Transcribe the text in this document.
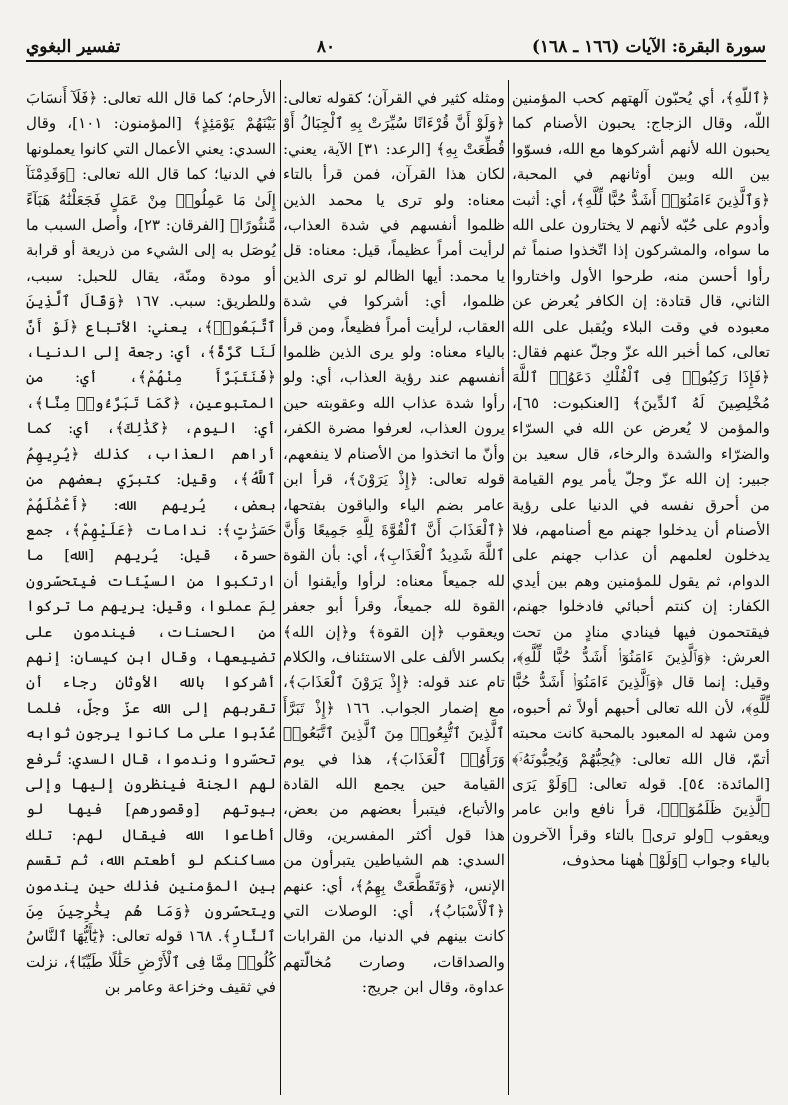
سورة البقرة: الآيات (١٦٦ ـ ١٦٨)
٨٠
تفسير البغوي

﴿ٱللَّهِ﴾، أي يُحبّون آلهتهم كحب المؤمنين اللّه، وقال الزجاج: يحبون الأصنام كما يحبون الله لأنهم أشركوها مع الله، فسوّوا بين الله وبين أوثانهم في المحبة، ﴿وَٱلَّذِينَ ءَامَنُوٓا۟ أَشَدُّ حُبًّا لِّلَّهِ﴾، أي: أثبت وأدوم على حُبّه لأنهم لا يختارون على الله ما سواه، والمشركون إذا اتّخذوا صنماً ثم رأوا أحسن منه، طرحوا الأول واختاروا الثاني، قال قتادة: إن الكافر يُعرض عن معبوده في وقت البلاء ويُقبل على الله تعالى، كما أخبر الله عزّ وجلّ عنهم فقال: ﴿فَإِذَا رَكِبُوا۟ فِى ٱلْفُلْكِ دَعَوُا۟ ٱللَّهَ مُخْلِصِينَ لَهُ ٱلدِّينَ﴾ [العنكبوت: ٦٥]، والمؤمن لا يُعرض عن الله في السرّاء والضرّاء والشدة والرخاء، قال سعيد بن جبير: إن الله عزّ وجلّ يأمر يوم القيامة من أحرق نفسه في الدنيا على رؤية الأصنام أن يدخلوا جهنم مع أصنامهم، فلا يدخلون لعلمهم أن عذاب جهنم على الدوام، ثم يقول للمؤمنين وهم بين أيدي الكفار: إن كنتم أحبائي فادخلوا جهنم، فيقتحمون فيها فينادي منادٍ من تحت العرش: ﴿وَٱلَّذِينَ ءَامَنُوٓا۟ أَشَدُّ حُبًّا لِّلَّهِ﴾، وقيل: إنما قال ﴿وَٱلَّذِينَ ءَامَنُوٓا۟ أَشَدُّ حُبًّا لِّلَّهِ﴾، لأن الله تعالى أحبهم أولاً ثم أحبوه، ومن شهد له المعبود بالمحبة كانت محبته أتمّ، قال الله تعالى: ﴿يُحِبُّهُمْ وَيُحِبُّونَهُۥٓ﴾ [المائدة: ٥٤]. قوله تعالى: ﴿وَلَوْ يَرَى ٱلَّذِينَ ظَلَمُوٓا۟﴾، قرأ نافع وابن عامر ويعقوب ﴿ولو ترى﴾ بالتاء وقرأ الآخرون بالياء وجواب ﴿وَلَوْ﴾ هٰهنا محذوف،

ومثله كثير في القرآن؛ كقوله تعالى: ﴿وَلَوْ أَنَّ قُرْءَانًا سُيِّرَتْ بِهِ ٱلْجِبَالُ أَوْ قُطِّعَتْ بِهِ﴾ [الرعد: ٣١] الآية، يعني: لكان هذا القرآن، فمن قرأ بالتاء معناه: ولو ترى يا محمد الذين ظلموا أنفسهم في شدة العذاب، لرأيت أمراً عظيماً، قيل: معناه: قل يا محمد: أيها الظالم لو ترى الذين ظلموا، أي: أشركوا في شدة العقاب، لرأيت أمراً فظيعاً، ومن قرأ بالياء معناه: ولو يرى الذين ظلموا أنفسهم عند رؤية العذاب، أي: ولو رأوا شدة عذاب الله وعقوبته حين يرون العذاب، لعرفوا مضرة الكفر، وأنّ ما اتخذوا من الأصنام لا ينفعهم، قوله تعالى: ﴿إِذْ يَرَوْنَ﴾، قرأ ابن عامر بضم الياء والباقون بفتحها، ﴿ٱلْعَذَابَ أَنَّ ٱلْقُوَّةَ لِلَّهِ جَمِيعًا وَأَنَّ ٱللَّهَ شَدِيدُ ٱلْعَذَابِ﴾، أي: بأن القوة لله جميعاً معناه: لرأوا وأيقنوا أن القوة لله جميعاً، وقرأ أبو جعفر ويعقوب ﴿إن القوة﴾ و﴿إن الله﴾ بكسر الألف على الاستئناف، والكلام تام عند قوله: ﴿إِذْ يَرَوْنَ ٱلْعَذَابَ﴾، مع إضمار الجواب. ١٦٦ ﴿إِذْ تَبَرَّأَ ٱلَّذِينَ ٱتُّبِعُوا۟ مِنَ ٱلَّذِينَ ٱتَّبَعُوا۟ وَرَأَوُا۟ ٱلْعَذَابَ﴾، هذا في يوم القيامة حين يجمع الله القادة والأتباع، فيتبرأ بعضهم من بعض، هذا قول أكثر المفسرين، وقال السدي: هم الشياطين يتبرأون من الإنس، ﴿وَتَقَطَّعَتْ بِهِمُ﴾، أي: عنهم ﴿ٱلْأَسْبَابُ﴾، أي: الوصلات التي كانت بينهم في الدنيا، من القرابات والصداقات، وصارت مُخالّتهم عداوة، وقال ابن جريج:

الأرحام؛ كما قال الله تعالى: ﴿فَلَآ أَنسَابَ بَيْنَهُمْ يَوْمَئِذٍ﴾ [المؤمنون: ١٠١]، وقال السدي: يعني الأعمال التي كانوا يعملونها في الدنيا؛ كما قال الله تعالى: ﴿وَقَدِمْنَآ إِلَىٰ مَا عَمِلُوا۟ مِنْ عَمَلٍ فَجَعَلْنَٰهُ هَبَآءً مَّنثُورًا﴾ [الفرقان: ٢٣]، وأصل السبب ما يُوصَل به إلى الشيء من ذريعة أو قرابة أو مودة ومنّة، يقال للحبل: سبب، وللطريق: سبب. ١٦٧ ﴿وَقَالَ ٱلَّذِينَ ٱتَّبَعُوا۟﴾، يعني: الأتباع ﴿لَوْ أَنَّ لَنَا كَرَّةً﴾، أي: رجعة إلى الدنيا، ﴿فَنَتَبَرَّأَ مِنْهُمْ﴾، أي: من المتبوعين، ﴿كَمَا تَبَرَّءُوا۟ مِنَّا﴾، أي: اليوم، ﴿كَذَٰلِكَ﴾، أي: كما أراهم العذاب، كذلك ﴿يُرِيهِمُ ٱللَّهُ﴾، وقيل: كتبرّي بعضهم من بعض، يُريهم الله: ﴿أَعْمَٰلَهُمْ حَسَرَٰتٍ﴾: ندامات ﴿عَلَيْهِمْ﴾، جمع حسرة، قيل: يُريهم [الله] ما ارتكبوا من السيّئات فيتحسّرون لِمَ عملوا، وقيل: يريهم ما تركوا من الحسنات، فيندمون على تضييعها، وقال ابن كيسان: إنهم أشركوا بالله الأوثان رجاء أن تقربهم إلى الله عزّ وجلّ، فلما عُذّبوا على ما كانوا يرجون ثوابه تحسّروا وندموا، قال السدي: تُرفع لهم الجنة فينظرون إليها وإلى بيوتهم [وقصورهم] فيها لو أطاعوا الله فيقال لهم: تلك مساكنكم لو أطعتم الله، ثم تقسم بين المؤمنين فذلك حين يندمون ويتحسّرون ﴿وَمَا هُم بِخَٰرِجِينَ مِنَ ٱلنَّارِ﴾. ١٦٨ قوله تعالى: ﴿يَٰٓأَيُّهَا ٱلنَّاسُ كُلُوا۟ مِمَّا فِى ٱلْأَرْضِ حَلَٰلًا طَيِّبًا﴾، نزلت في ثقيف وخزاعة وعامر بن
